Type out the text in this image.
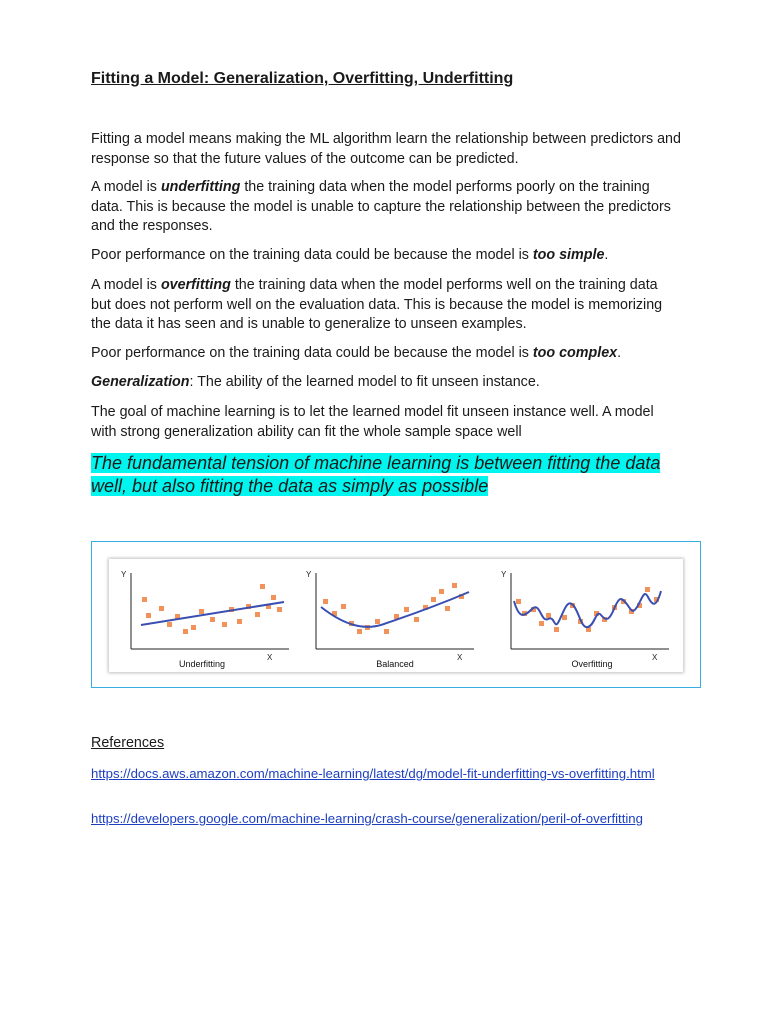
Fitting a Model: Generalization, Overfitting, Underfitting

Fitting a model means making the ML algorithm learn the relationship between predictors and response so that the future values of the outcome can be predicted.

A model is underfitting the training data when the model performs poorly on the training data. This is because the model is unable to capture the relationship between the predictors and the responses.

Poor performance on the training data could be because the model is too simple.

A model is overfitting the training data when the model performs well on the training data but does not perform well on the evaluation data. This is because the model is memorizing the data it has seen and is unable to generalize to unseen examples.

Poor performance on the training data could be because the model is too complex.

Generalization: The ability of the learned model to fit unseen instance.

The goal of machine learning is to let the learned model fit unseen instance well. A model with strong generalization ability can fit the whole sample space well

The fundamental tension of machine learning is between fitting the data well, but also fitting the data as simply as possible

Y
X
Underfitting
Y
X
Balanced
Y
X
Overfitting

References

https://docs.aws.amazon.com/machine-learning/latest/dg/model-fit-underfitting-vs-overfitting.html
https://developers.google.com/machine-learning/crash-course/generalization/peril-of-overfitting
